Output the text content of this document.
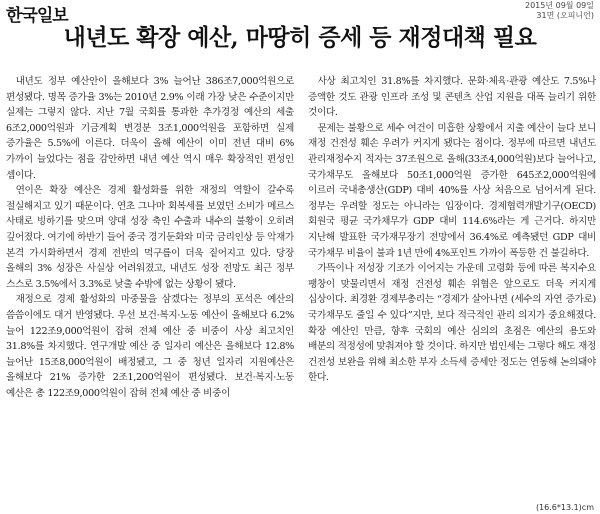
한국일보
2015년 09월 09일
31면 (오피니언)
내년도 확장 예산, 마땅히 증세 등 재정대책 필요

내년도 정부 예산안이 올해보다 3% 늘어난 386조7,000억원으로 편성됐다. 명목 증가율 3%는 2010년 2.9% 이래 가장 낮은 수준이지만 실제는 그렇지 않다. 지난 7월 국회를 통과한 추가경정 예산의 세출 6조2,000억원과 기금계획 변경분 3조1,000억원을 포함하면 실제 증가율은 5.5%에 이른다. 더욱이 올해 예산이 이미 전년 대비 6% 가까이 늘었다는 점을 감안하면 내년 예산 역시 매우 확장적인 편성인 셈이다.

연이은 확장 예산은 경제 활성화를 위한 재정의 역할이 갈수록 절실해지고 있기 때문이다. 연초 그나마 회복세를 보였던 소비가 메르스 사태로 빙하기를 맞으며 양대 성장 축인 수출과 내수의 불황이 오히려 깊어졌다. 여기에 하반기 들어 중국 경기둔화와 미국 금리인상 등 악재가 본격 가시화하면서 경제 전반의 먹구름이 더욱 짙어지고 있다. 당장 올해의 3% 성장은 사실상 어려워졌고, 내년도 성장 전망도 최근 정부 스스로 3.5%에서 3.3%로 낮출 수밖에 없는 상황이 됐다.

재정으로 경제 활성화의 마중물을 삼겠다는 정부의 포석은 예산의 씀씀이에도 대거 반영됐다. 우선 보건·복지·노동 예산이 올해보다 6.2% 늘어 122조9,000억원이 잡혀 전체 예산 중 비중이 사상 최고치인 31.8%를 차지했다. 연구개발 예산 중 일자리 예산은 올해보다 12.8% 늘어난 15조8,000억원이 배정됐고, 그 중 청년 일자리 지원예산은 올해보다 21% 증가한 2조1,200억원이 편성됐다. 보건·복지·노동 예산은 총 122조9,000억원이 잡혀 전체 예산 중 비중이

사상 최고치인 31.8%를 차지했다. 문화·체육·관광 예산도 7.5%나 증액한 것도 관광 인프라 조성 및 콘텐츠 산업 지원을 대폭 늘리기 위한 것이다.

문제는 불황으로 세수 여건이 미흡한 상황에서 지출 예산이 늘다 보니 재정 건전성 훼손 우려가 커지게 됐다는 점이다. 정부에 따르면 내년도 관리재정수지 적자는 37조원으로 올해(33조4,000억원)보다 늘어나고, 국가채무도 올해보다 50조1,000억원 증가한 645조2,000억원에 이르러 국내총생산(GDP) 대비 40%를 사상 처음으로 넘어서게 된다. 정부는 우려할 정도는 아니라는 입장이다. 경제협력개발기구(OECD) 회원국 평균 국가채무가 GDP 대비 114.6%라는 게 근거다. 하지만 지난해 발표한 국가재무장기 전망에서 36.4%로 예측됐던 GDP 대비 국가채무 비율이 불과 1년 만에 4%포인트 가까이 폭등한 건 불길하다.

가뜩이나 저성장 기조가 이어지는 가운데 고령화 등에 따른 복지수요 팽창이 맞물리면서 재정 건전성 훼손 위협은 앞으로도 더욱 커지게 십상이다. 최경환 경제부총리는 “경제가 살아나면 (세수의 자연 증가로) 국가채무도 줄일 수 있다”지만, 보다 적극적인 관리 의지가 중요해졌다. 확장 예산인 만큼, 향후 국회의 예산 심의의 초점은 예산의 용도와 배분의 적정성에 맞춰져야 할 것이다. 하지만 법인세는 그렇다 해도 재정 건전성 보완을 위해 최소한 부자 소득세 증세안 정도는 연동해 논의돼야 한다.

(16.6*13.1)cm
